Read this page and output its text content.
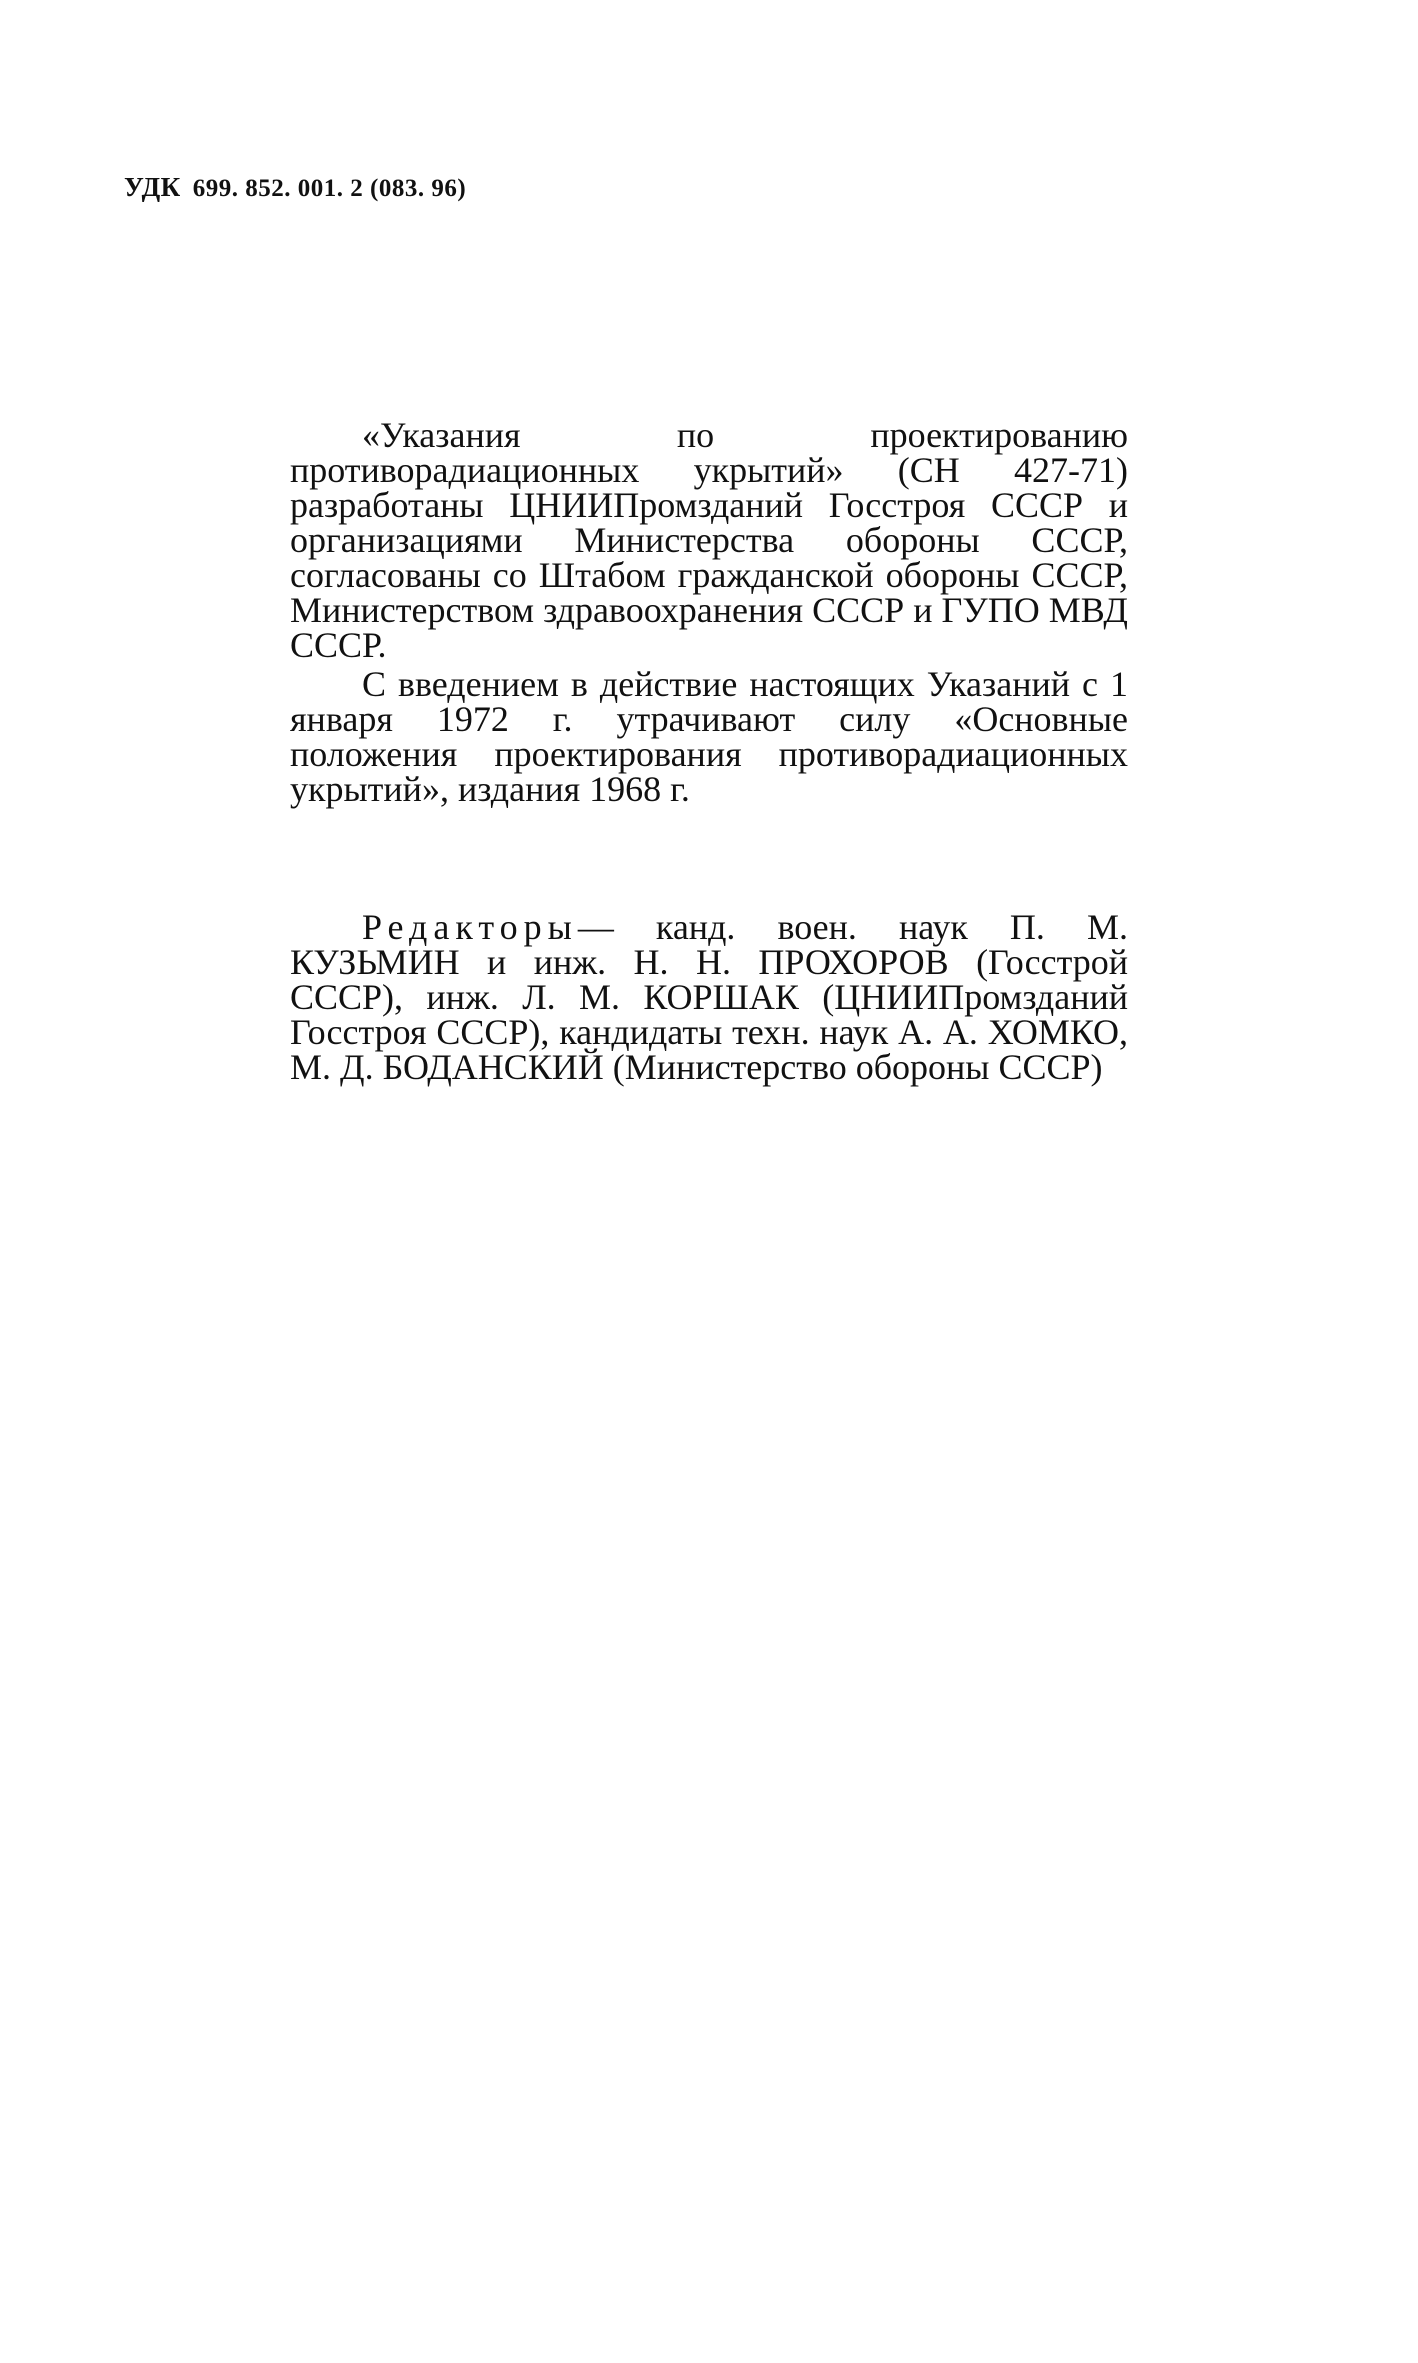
УДК 699. 852. 001. 2 (083. 96)

«Указания по проектированию противорадиационных укрытий» (СН 427-71) разработаны ЦНИИПромзданий Госстроя СССР и организациями Министерства обороны СССР, согласованы со Штабом гражданской обороны СССР, Министерством здравоохранения СССР и ГУПО МВД СССР.

С введением в действие настоящих Указаний с 1 января 1972 г. утрачивают силу «Основные положения проектирования противорадиационных укрытий», издания 1968 г.

Редакторы— канд. воен. наук П. М. КУЗЬМИН и инж. Н. Н. ПРОХОРОВ (Госстрой СССР), инж. Л. М. КОРШАК (ЦНИИПромзданий Госстроя СССР), кандидаты техн. наук А. А. ХОМКО, М. Д. БОДАНСКИЙ (Министерство обороны СССР)
